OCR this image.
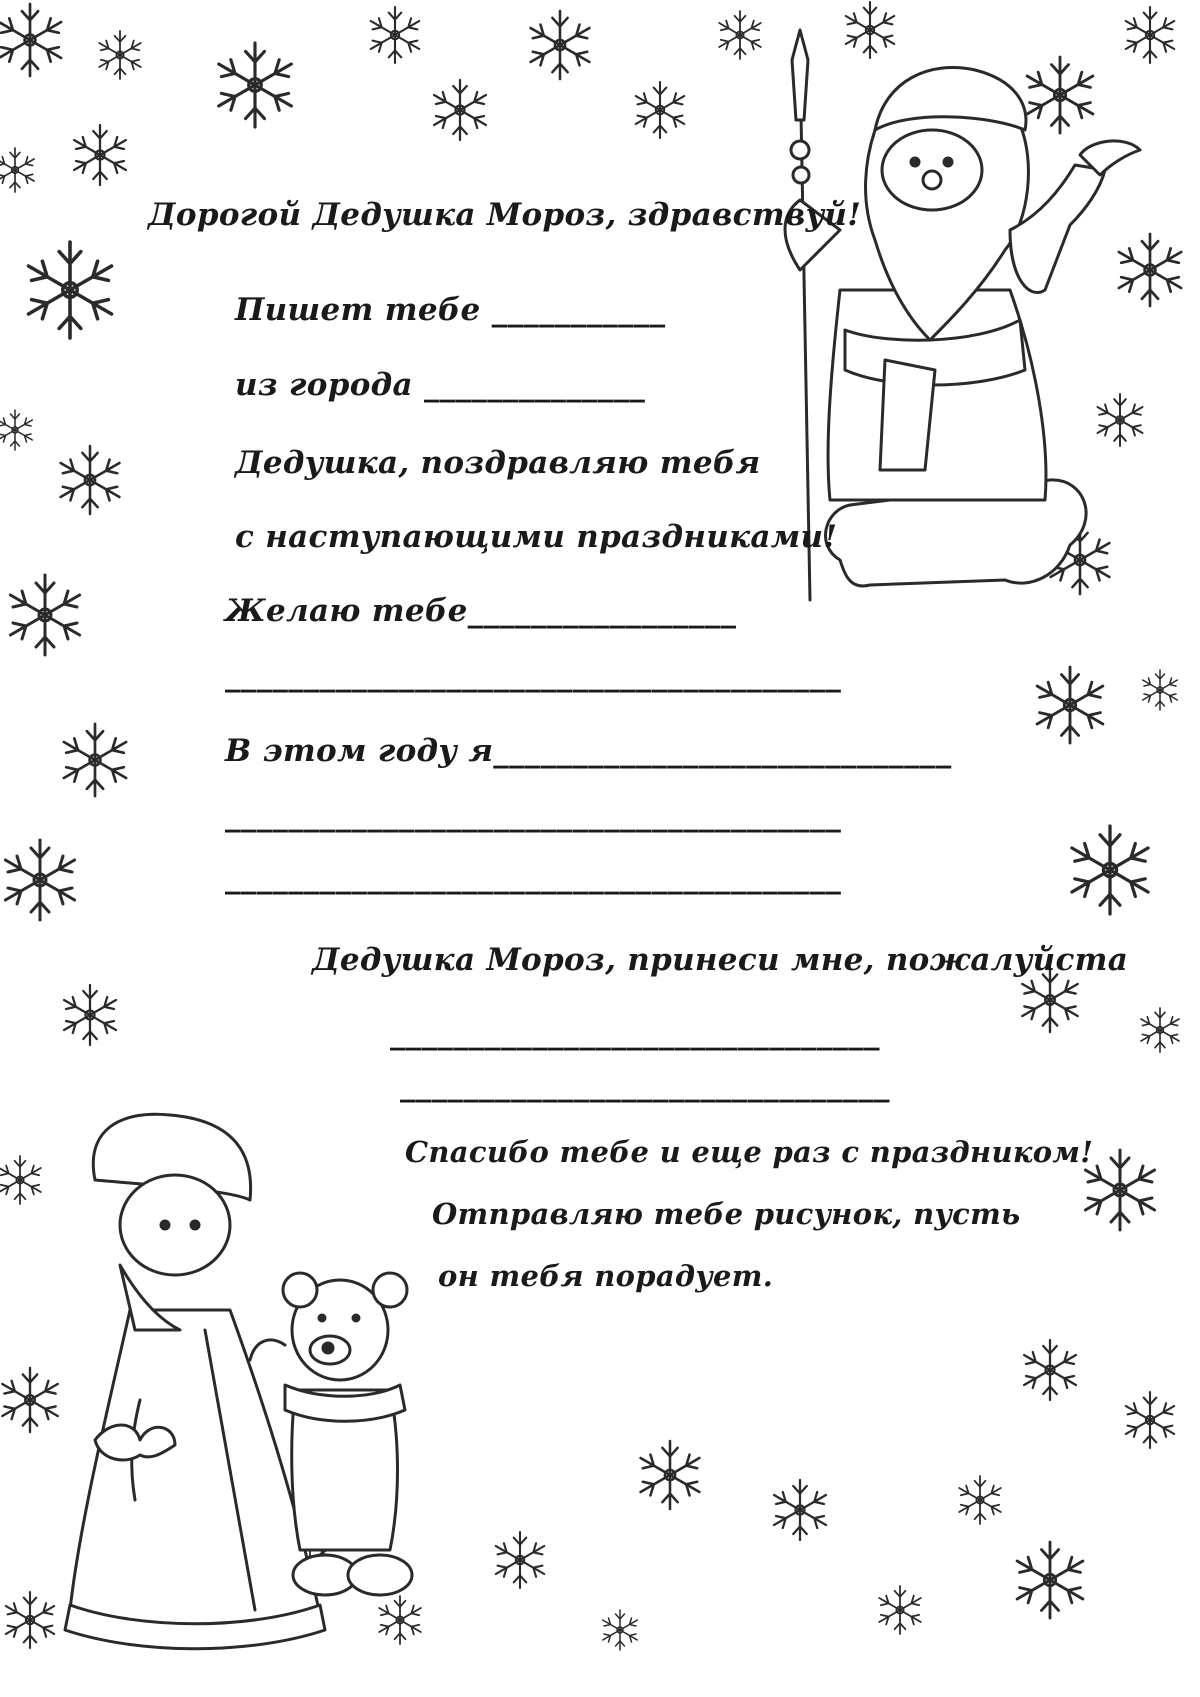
Дорогой Дедушка Мороз, здравствуй!
Пишет тебе ___________
из города ______________
Дедушка, поздравляю тебя
с наступающими праздниками!
Желаю тебе_________________
_______________________________________
В этом году я_____________________________
_______________________________________
_______________________________________
Дедушка Мороз, принеси мне, пожалуйста
_______________________________
_______________________________
Спасибо тебе и еще раз с праздником!
Отправляю тебе рисунок, пусть
он тебя порадует.
